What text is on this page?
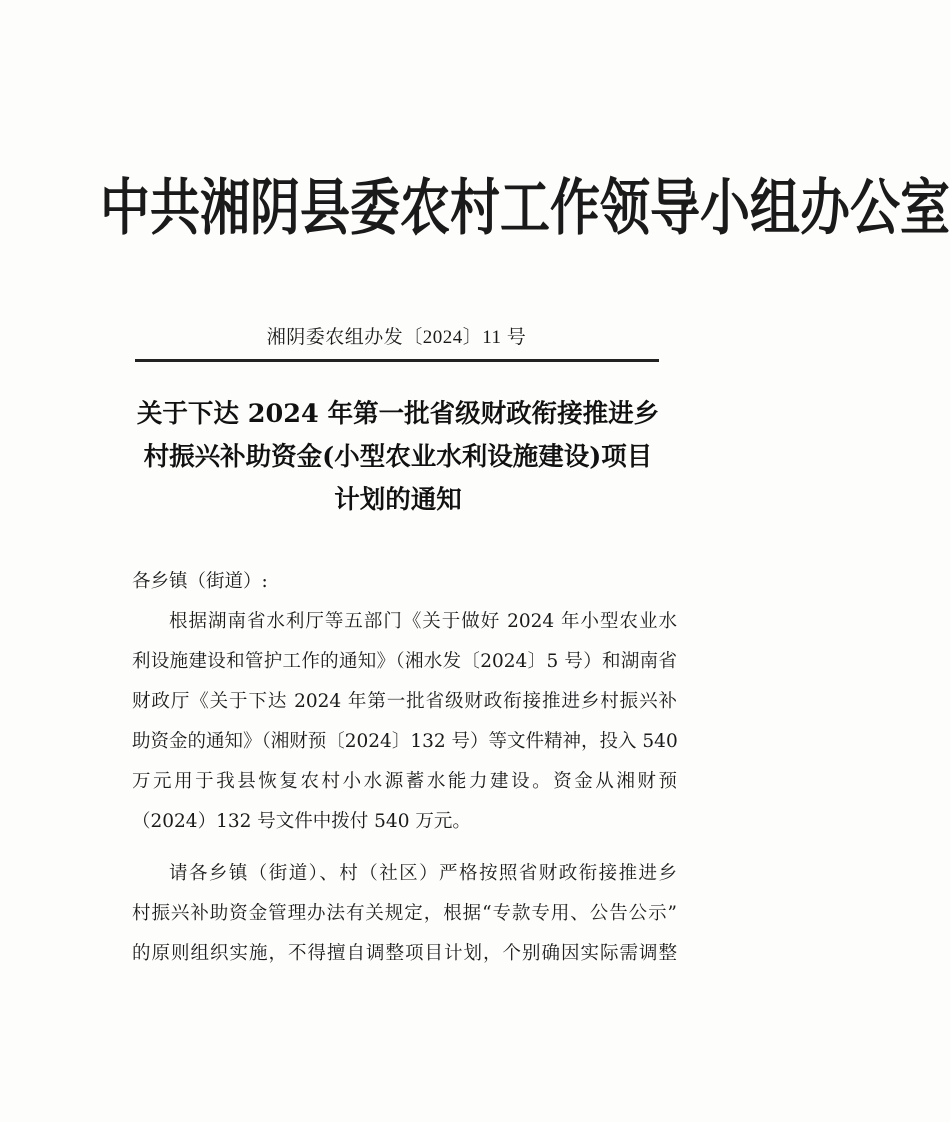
中 共 湘 阴 县 委 农 村 工 作 领 导 小 组 办 公 室
湘阴委农组办发〔2024〕11 号
关于下达 2024 年第一批省级财政衔接推进乡
村振兴补助资金(小型农业水利设施建设)项目
计划的通知
各乡镇（街道）:
根据湖南省水利厅等五部门《关于做好 2024 年小型农业水
利设施建设和管护工作的通知》（湘水发〔2024〕5 号）和湖南省
财政厅《关于下达 2024 年第一批省级财政衔接推进乡村振兴补
助资金的通知》（湘财预〔2024〕132 号）等文件精神，投入 540
万元用于我县恢复农村小水源蓄水能力建设。资金从湘财预
（2024）132 号文件中拨付 540 万元。
请各乡镇（街道）、村（社区）严格按照省财政衔接推进乡
村振兴补助资金管理办法有关规定，根据“专款专用、公告公示”
的原则组织实施，不得擅自调整项目计划，个别确因实际需调整
